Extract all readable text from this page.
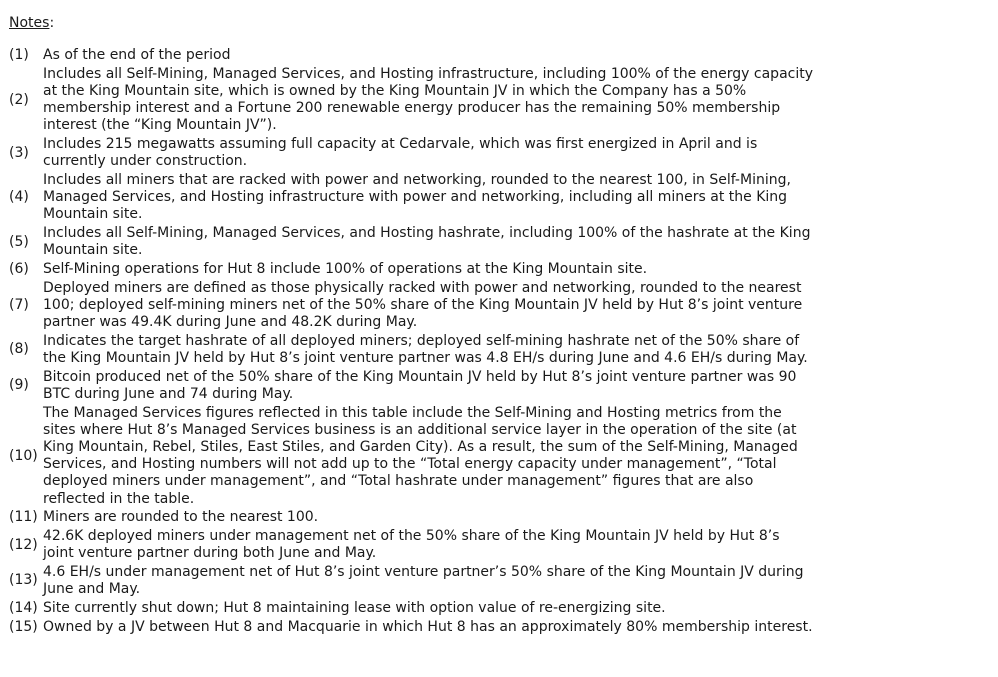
Notes:
(1)	As of the end of the period
(2)	Includes all Self-Mining, Managed Services, and Hosting infrastructure, including 100% of the energy capacity at the King Mountain site, which is owned by the King Mountain JV in which the Company has a 50% membership interest and a Fortune 200 renewable energy producer has the remaining 50% membership interest (the “King Mountain JV”).
(3)	Includes 215 megawatts assuming full capacity at Cedarvale, which was first energized in April and is currently under construction.
(4)	Includes all miners that are racked with power and networking, rounded to the nearest 100, in Self-Mining, Managed Services, and Hosting infrastructure with power and networking, including all miners at the King Mountain site.
(5)	Includes all Self-Mining, Managed Services, and Hosting hashrate, including 100% of the hashrate at the King Mountain site.
(6)	Self-Mining operations for Hut 8 include 100% of operations at the King Mountain site.
(7)	Deployed miners are defined as those physically racked with power and networking, rounded to the nearest 100; deployed self-mining miners net of the 50% share of the King Mountain JV held by Hut 8’s joint venture partner was 49.4K during June and 48.2K during May.
(8)	Indicates the target hashrate of all deployed miners; deployed self-mining hashrate net of the 50% share of the King Mountain JV held by Hut 8’s joint venture partner was 4.8 EH/s during June and 4.6 EH/s during May.
(9)	Bitcoin produced net of the 50% share of the King Mountain JV held by Hut 8’s joint venture partner was 90 BTC during June and 74 during May.
(10)	The Managed Services figures reflected in this table include the Self-Mining and Hosting metrics from the sites where Hut 8’s Managed Services business is an additional service layer in the operation of the site (at King Mountain, Rebel, Stiles, East Stiles, and Garden City). As a result, the sum of the Self-Mining, Managed Services, and Hosting numbers will not add up to the “Total energy capacity under management”, “Total deployed miners under management”, and “Total hashrate under management” figures that are also reflected in the table.
(11)	Miners are rounded to the nearest 100.
(12)	42.6K deployed miners under management net of the 50% share of the King Mountain JV held by Hut 8’s joint venture partner during both June and May.
(13)	4.6 EH/s under management net of Hut 8’s joint venture partner’s 50% share of the King Mountain JV during June and May.
(14)	Site currently shut down; Hut 8 maintaining lease with option value of re-energizing site.
(15)	Owned by a JV between Hut 8 and Macquarie in which Hut 8 has an approximately 80% membership interest.
